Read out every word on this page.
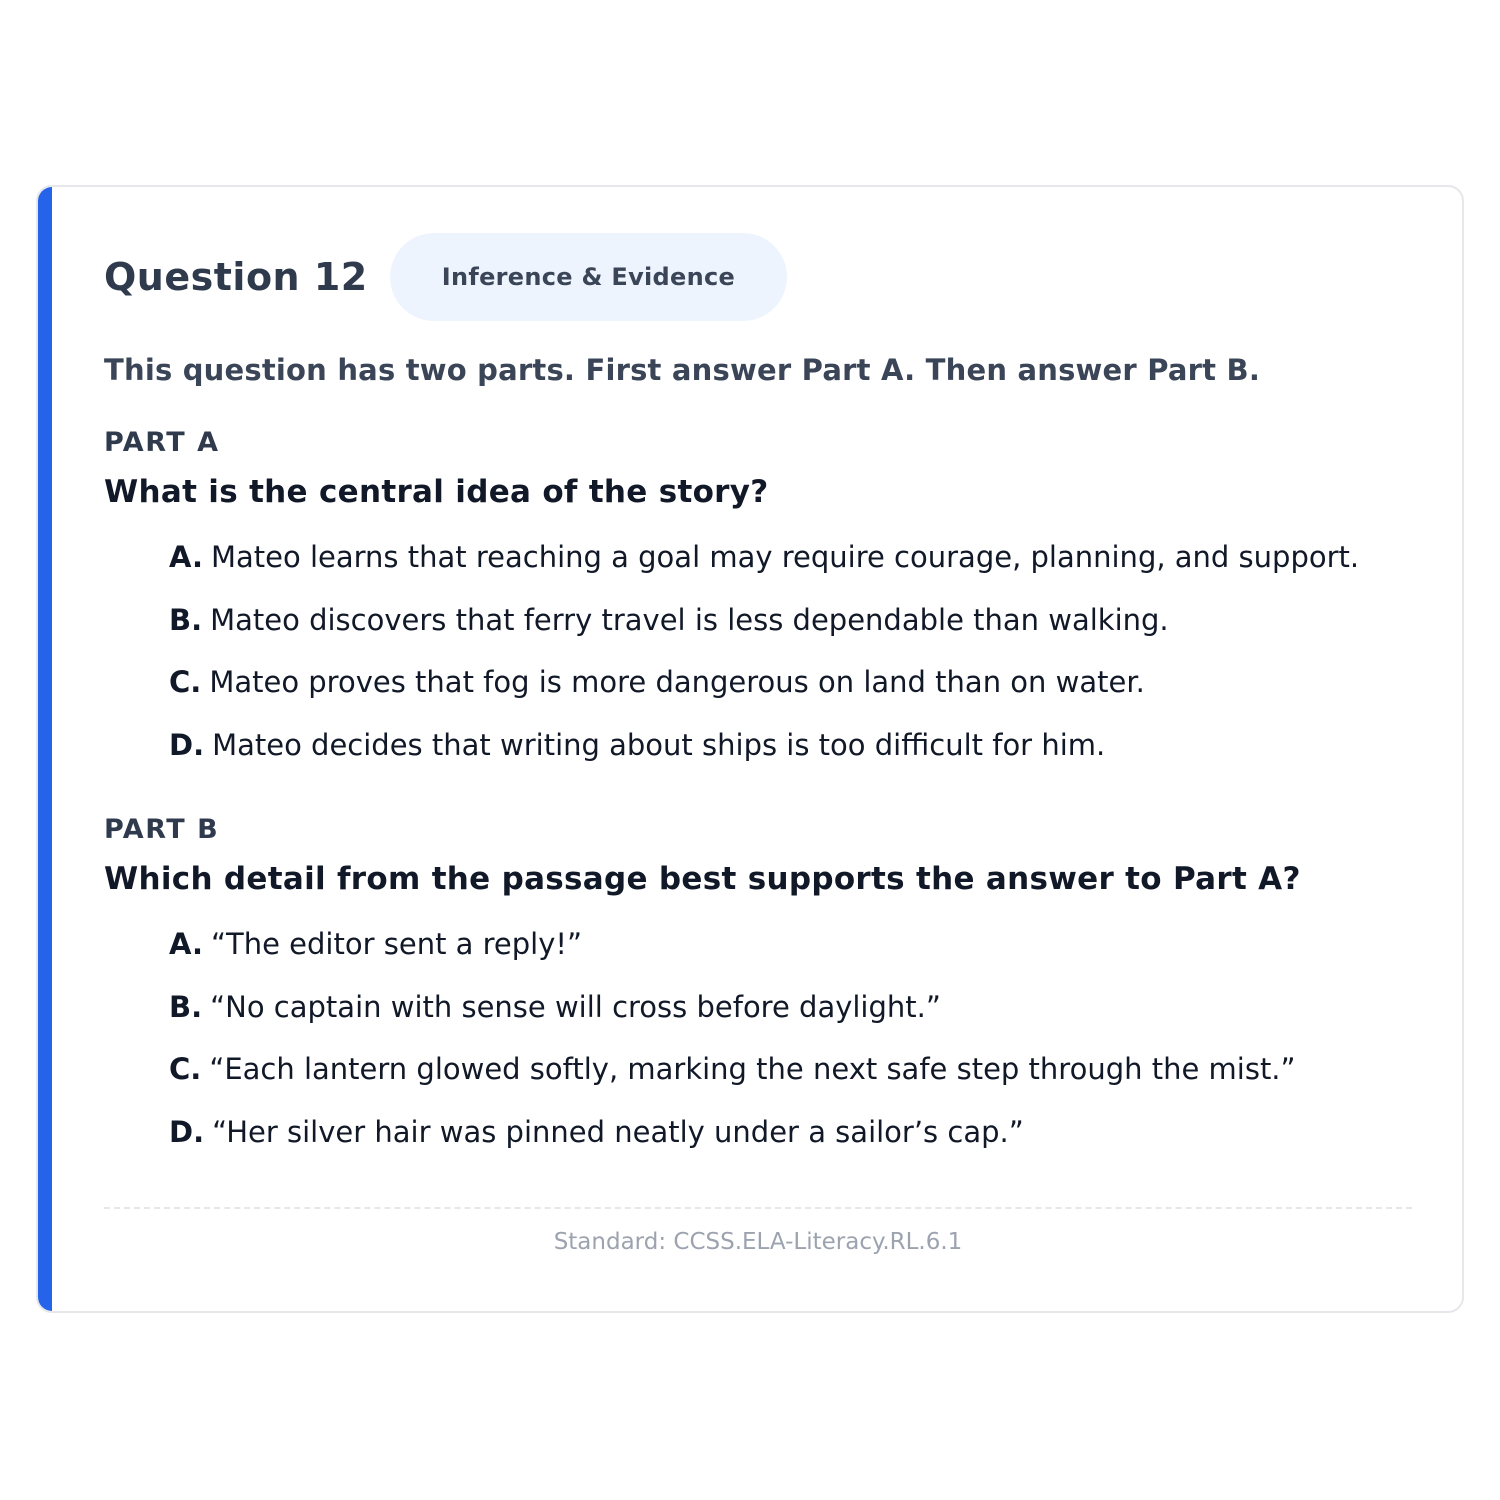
Question 12	Inference & Evidence
This question has two parts. First answer Part A. Then answer Part B.
PART A
What is the central idea of the story?
A. Mateo learns that reaching a goal may require courage, planning, and support.
B. Mateo discovers that ferry travel is less dependable than walking.
C. Mateo proves that fog is more dangerous on land than on water.
D. Mateo decides that writing about ships is too difficult for him.
PART B
Which detail from the passage best supports the answer to Part A?
A. “The editor sent a reply!”
B. “No captain with sense will cross before daylight.”
C. “Each lantern glowed softly, marking the next safe step through the mist.”
D. “Her silver hair was pinned neatly under a sailor’s cap.”
Standard: CCSS.ELA-Literacy.RL.6.1
